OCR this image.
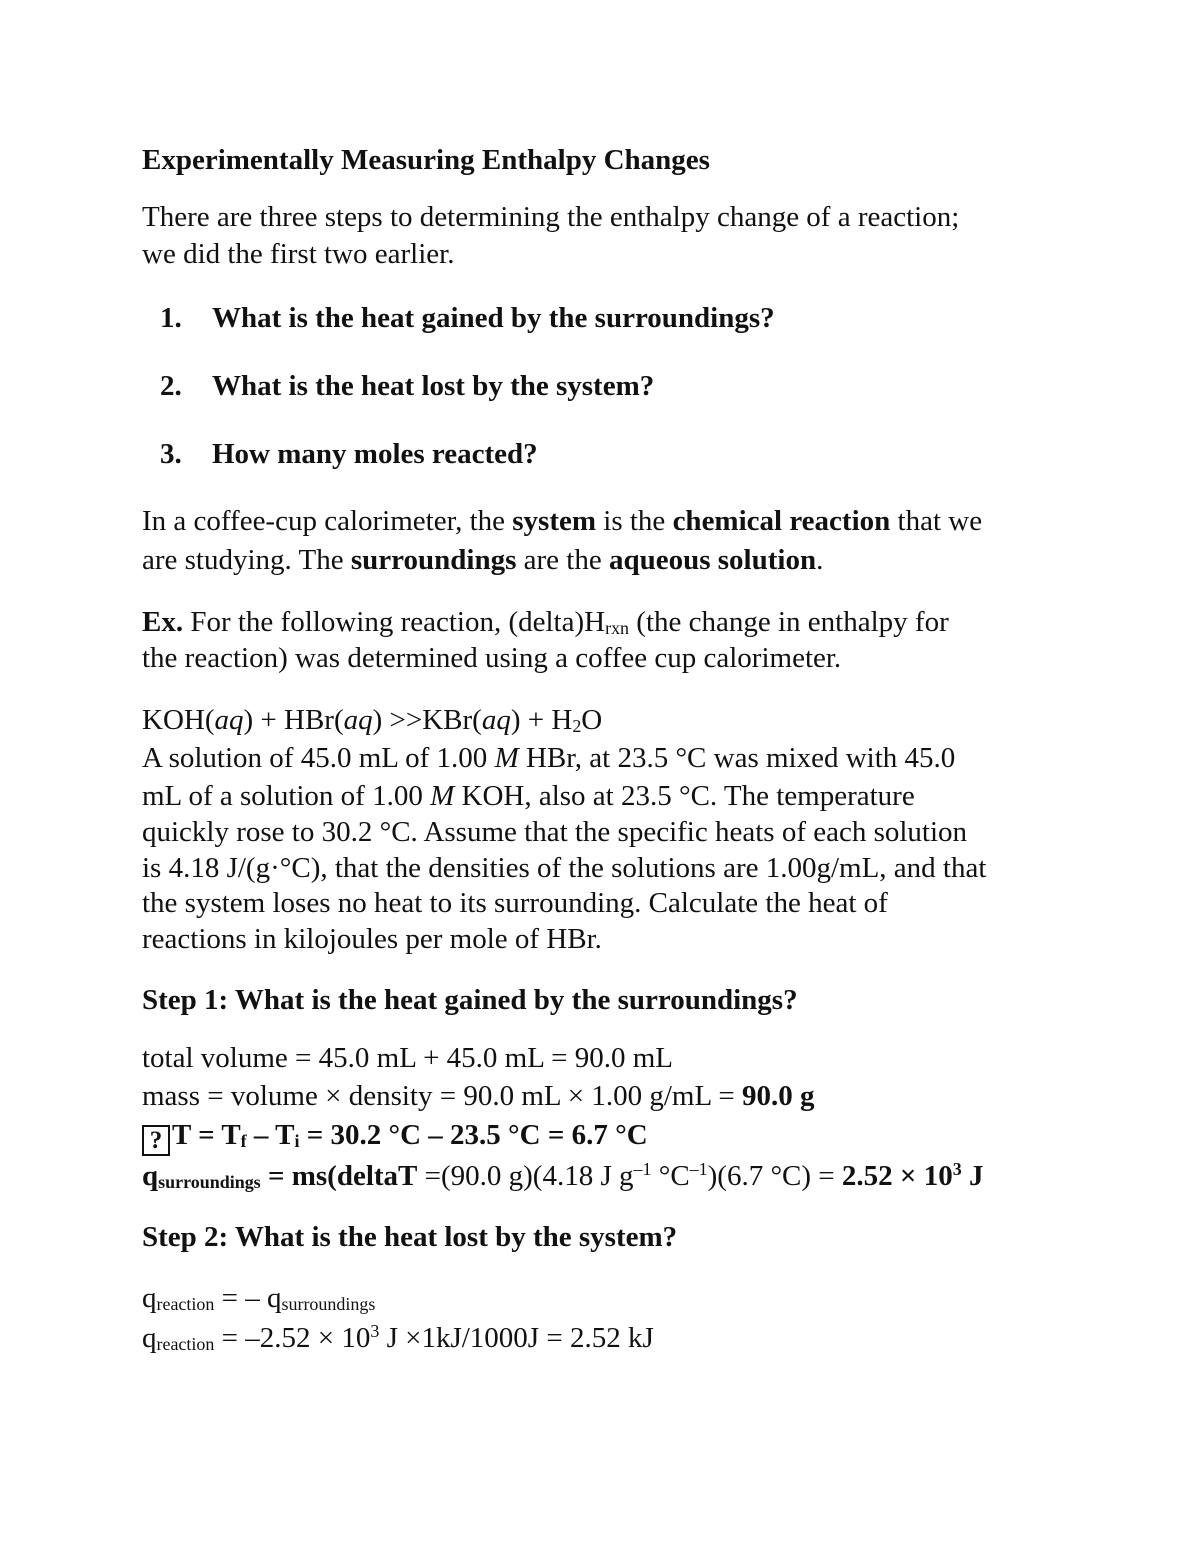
Experimentally Measuring Enthalpy Changes
There are three steps to determining the enthalpy change of a reaction;
we did the first two earlier.
1. What is the heat gained by the surroundings?
2. What is the heat lost by the system?
3. How many moles reacted?
In a coffee-cup calorimeter, the system is the chemical reaction that we
are studying. The surroundings are the aqueous solution.
Ex. For the following reaction, (delta)Hrxn (the change in enthalpy for
the reaction) was determined using a coffee cup calorimeter.
KOH(aq) + HBr(aq) >>KBr(aq) + H2O
A solution of 45.0 mL of 1.00 M HBr, at 23.5 °C was mixed with 45.0
mL of a solution of 1.00 M KOH, also at 23.5 °C. The temperature
quickly rose to 30.2 °C. Assume that the specific heats of each solution
is 4.18 J/(g·°C), that the densities of the solutions are 1.00g/mL, and that
the system loses no heat to its surrounding. Calculate the heat of
reactions in kilojoules per mole of HBr.
Step 1: What is the heat gained by the surroundings?
total volume = 45.0 mL + 45.0 mL = 90.0 mL
mass = volume × density = 90.0 mL × 1.00 g/mL = 90.0 g
? T = Tf – Ti = 30.2 °C – 23.5 °C = 6.7 °C
qsurroundings = ms(deltaT =(90.0 g)(4.18 J $g^{-1}$ $^\circ C^{-1})(6.7$ $^\circ C) = 2.52 \times 10^3$ J
Step 2: What is the heat lost by the system?
qreaction = – qsurroundings
qreaction = $-2.52 \times 10^3$ J ×1kJ/1000J = 2.52 kJ
